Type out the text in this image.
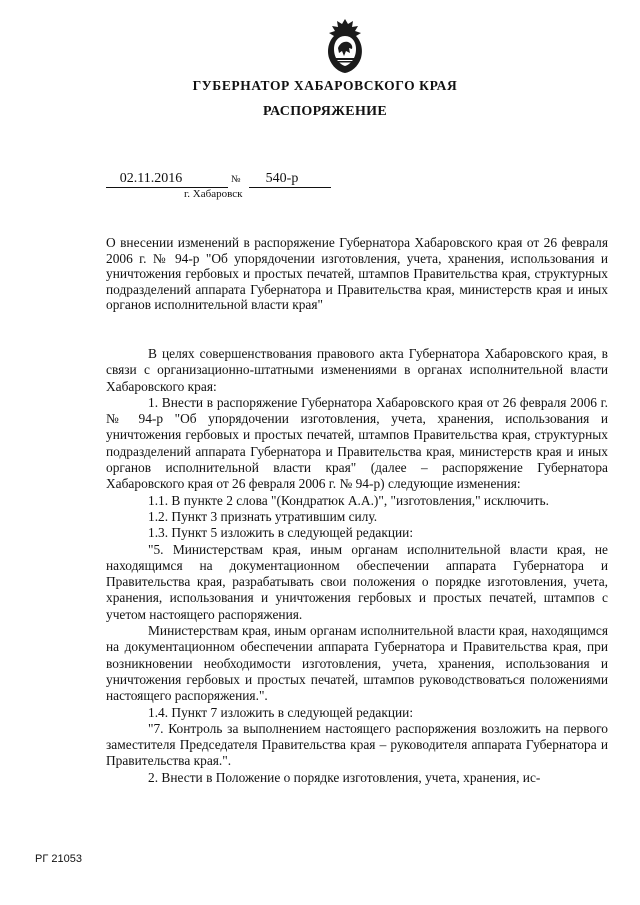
ГУБЕРНАТОР ХАБАРОВСКОГО КРАЯ
РАСПОРЯЖЕНИЕ
02.11.2016	№	540-р
г. Хабаровск
О внесении изменений в распоряжение Губернатора Хабаровского края от 26 февраля 2006 г. № 94-р "Об упорядочении изготовления, учета, хранения, использования и уничтожения гербовых и простых печатей, штампов Правительства края, структурных подразделений аппарата Губернатора и Правительства края, министерств края и иных органов исполнительной власти края"

В целях совершенствования правового акта Губернатора Хабаровского края, в связи с организационно-штатными изменениями в органах исполнительной власти Хабаровского края:

1. Внести в распоряжение Губернатора Хабаровского края от 26 февраля 2006 г. № 94-р "Об упорядочении изготовления, учета, хранения, использования и уничтожения гербовых и простых печатей, штампов Правительства края, структурных подразделений аппарата Губернатора и Правительства края, министерств края и иных органов исполнительной власти края" (далее – распоряжение Губернатора Хабаровского края от 26 февраля 2006 г. № 94-р) следующие изменения:

1.1. В пункте 2 слова "(Кондратюк А.А.)", "изготовления," исключить.

1.2. Пункт 3 признать утратившим силу.

1.3. Пункт 5 изложить в следующей редакции:

"5. Министерствам края, иным органам исполнительной власти края, не находящимся на документационном обеспечении аппарата Губернатора и Правительства края, разрабатывать свои положения о порядке изготовления, учета, хранения, использования и уничтожения гербовых и простых печатей, штампов с учетом настоящего распоряжения.

Министерствам края, иным органам исполнительной власти края, находящимся на документационном обеспечении аппарата Губернатора и Правительства края, при возникновении необходимости изготовления, учета, хранения, использования и уничтожения гербовых и простых печатей, штампов руководствоваться положениями настоящего распоряжения.".

1.4. Пункт 7 изложить в следующей редакции:

"7. Контроль за выполнением настоящего распоряжения возложить на первого заместителя Председателя Правительства края – руководителя аппарата Губернатора и Правительства края.".

2. Внести в Положение о порядке изготовления, учета, хранения, ис-

РГ 21053
